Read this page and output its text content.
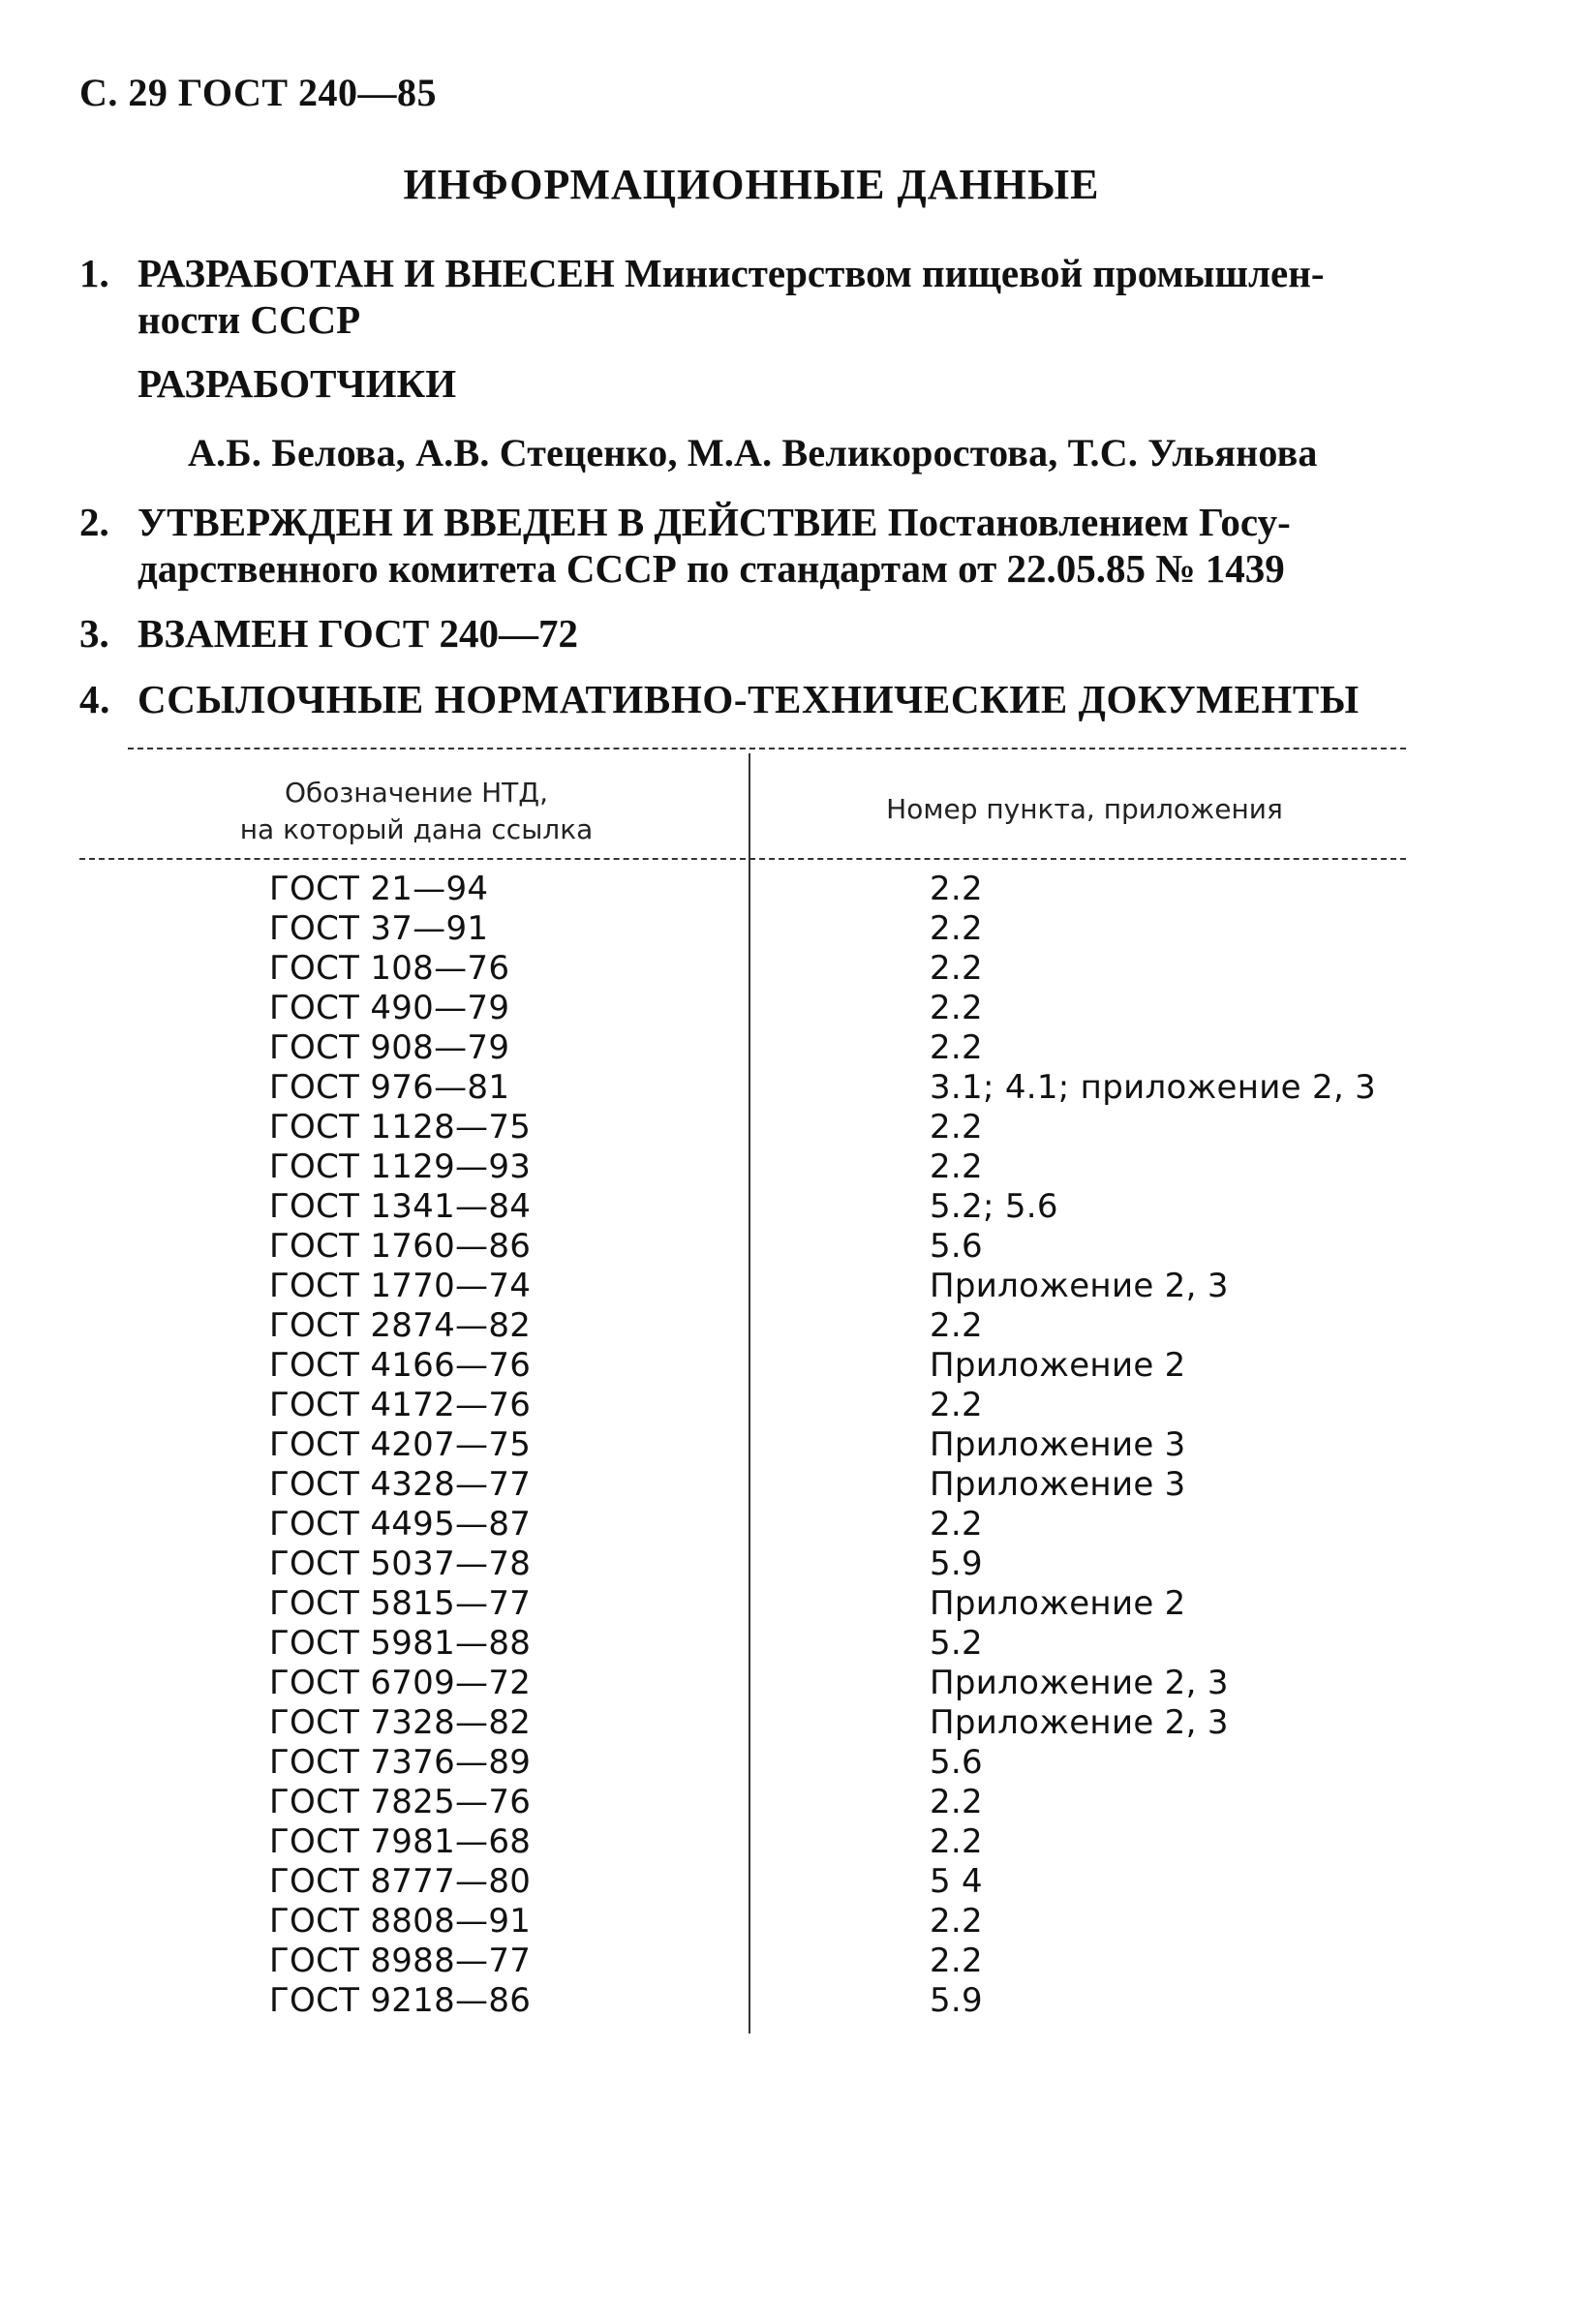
С. 29 ГОСТ 240—85
ИНФОРМАЦИОННЫЕ ДАННЫЕ
1. РАЗРАБОТАН И ВНЕСЕН Министерством пищевой промышлен-
ности СССР
РАЗРАБОТЧИКИ
А.Б. Белова, А.В. Стеценко, М.А. Великоростова, Т.С. Ульянова
2. УТВЕРЖДЕН И ВВЕДЕН В ДЕЙСТВИЕ Постановлением Госу-
дарственного комитета СССР по стандартам от 22.05.85 № 1439
3. ВЗАМЕН ГОСТ 240—72
4. ССЫЛОЧНЫЕ НОРМАТИВНО-ТЕХНИЧЕСКИЕ ДОКУМЕНТЫ
Обозначение НТД,
на который дана ссылка
Номер пункта, приложения
ГОСТ 21—94	2.2
ГОСТ 37—91	2.2
ГОСТ 108—76	2.2
ГОСТ 490—79	2.2
ГОСТ 908—79	2.2
ГОСТ 976—81	3.1; 4.1; приложение 2, 3
ГОСТ 1128—75	2.2
ГОСТ 1129—93	2.2
ГОСТ 1341—84	5.2; 5.6
ГОСТ 1760—86	5.6
ГОСТ 1770—74	Приложение 2, 3
ГОСТ 2874—82	2.2
ГОСТ 4166—76	Приложение 2
ГОСТ 4172—76	2.2
ГОСТ 4207—75	Приложение 3
ГОСТ 4328—77	Приложение 3
ГОСТ 4495—87	2.2
ГОСТ 5037—78	5.9
ГОСТ 5815—77	Приложение 2
ГОСТ 5981—88	5.2
ГОСТ 6709—72	Приложение 2, 3
ГОСТ 7328—82	Приложение 2, 3
ГОСТ 7376—89	5.6
ГОСТ 7825—76	2.2
ГОСТ 7981—68	2.2
ГОСТ 8777—80	5 4
ГОСТ 8808—91	2.2
ГОСТ 8988—77	2.2
ГОСТ 9218—86	5.9
